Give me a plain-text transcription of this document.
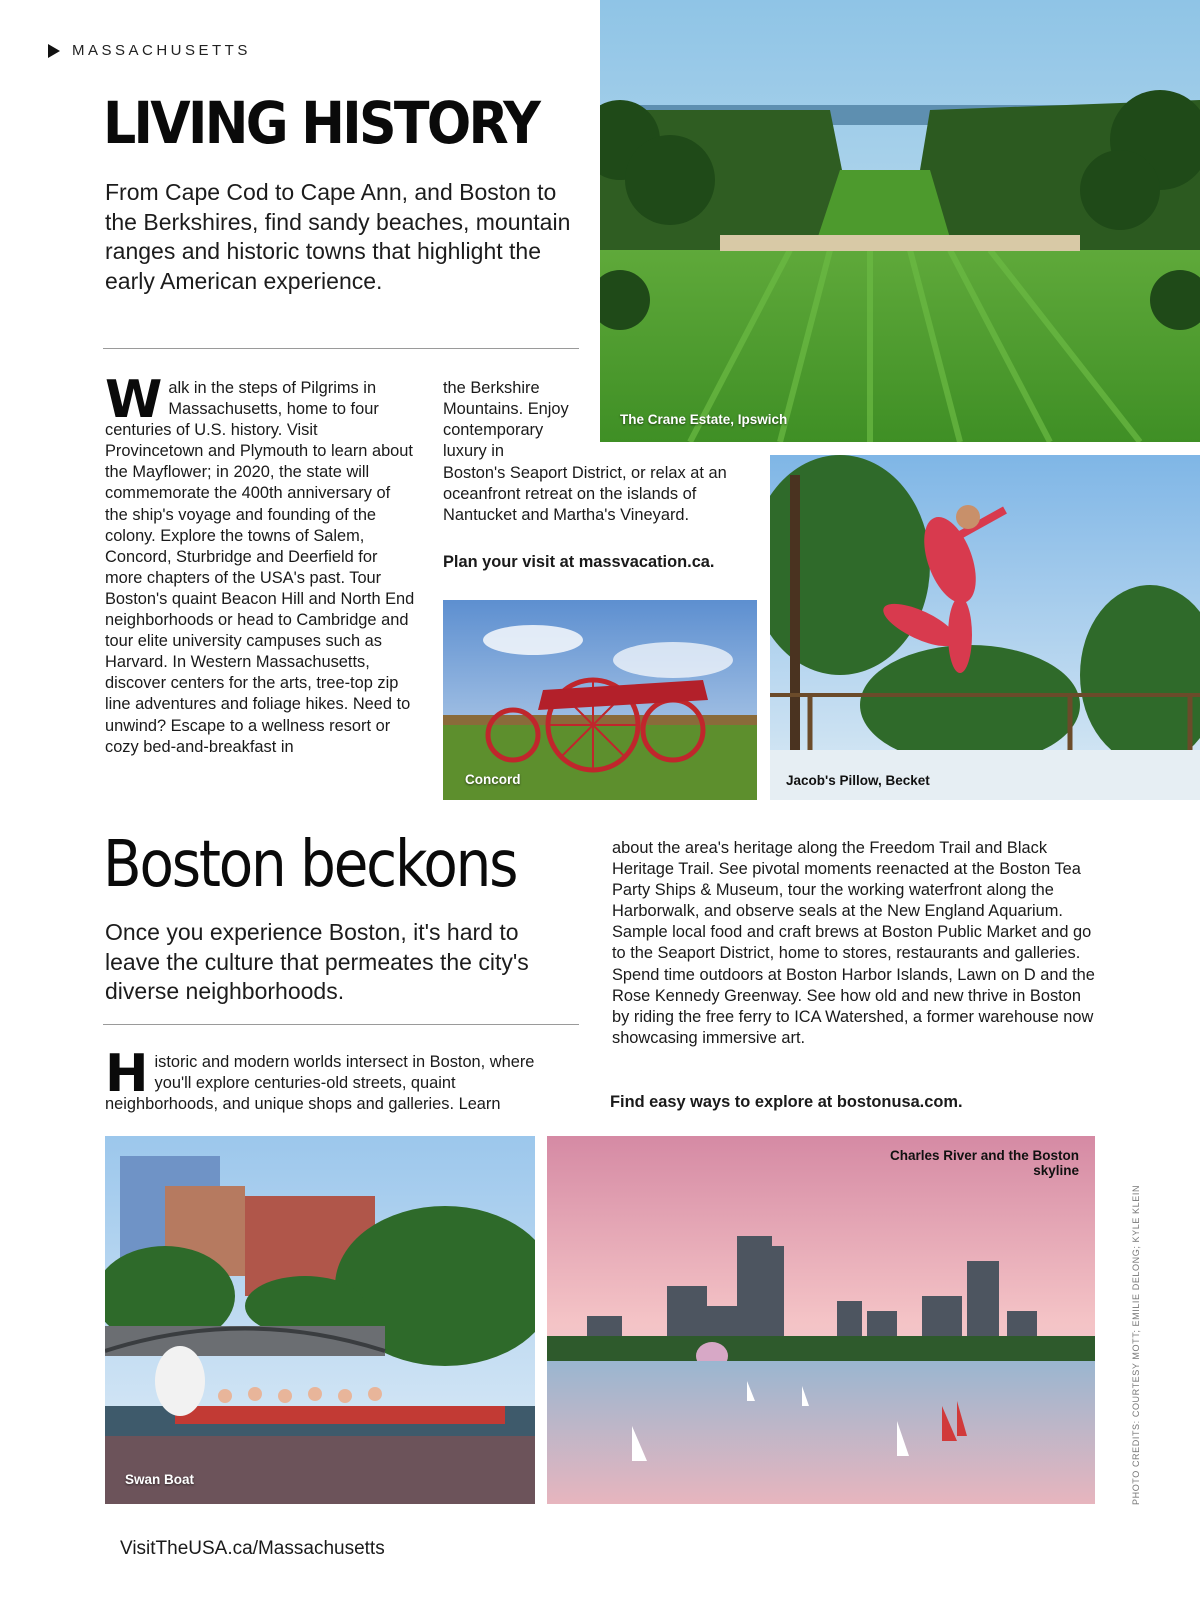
MASSACHUSETTS
LIVING HISTORY
From Cape Cod to Cape Ann, and Boston to the Berkshires, find sandy beaches, mountain ranges and historic towns that highlight the early American experience.
W alk in the steps of Pilgrims in Massachusetts, home to four centuries of U.S. history. Visit Provincetown and Plymouth to learn about the Mayflower; in 2020, the state will commemorate the 400th anniversary of the ship's voyage and founding of the colony. Explore the towns of Salem, Concord, Sturbridge and Deerfield for more chapters of the USA's past. Tour Boston's quaint Beacon Hill and North End neighborhoods or head to Cambridge and tour elite university campuses such as Harvard. In Western Massachusetts, discover centers for the arts, tree-top zip line adventures and foliage hikes. Need to unwind? Escape to a wellness resort or cozy bed-and-breakfast in
the Berkshire Mountains. Enjoy contemporary luxury in
Boston's Seaport District, or relax at an oceanfront retreat on the islands of Nantucket and Martha's Vineyard.
Plan your visit at massvacation.ca.
The Crane Estate, Ipswich
Concord	Jacob's Pillow, Becket
Boston beckons
Once you experience Boston, it's hard to leave the culture that permeates the city's diverse neighborhoods.
H istoric and modern worlds intersect in Boston, where you'll explore centuries-old streets, quaint neighborhoods, and unique shops and galleries. Learn
about the area's heritage along the Freedom Trail and Black Heritage Trail. See pivotal moments reenacted at the Boston Tea Party Ships & Museum, tour the working waterfront along the Harborwalk, and observe seals at the New England Aquarium. Sample local food and craft brews at Boston Public Market and go to the Seaport District, home to stores, restaurants and galleries. Spend time outdoors at Boston Harbor Islands, Lawn on D and the Rose Kennedy Greenway. See how old and new thrive in Boston by riding the free ferry to ICA Watershed, a former warehouse now showcasing immersive art.
Find easy ways to explore at bostonusa.com.
Swan Boat
Charles River and the Boston skyline
PHOTO CREDITS: COURTESY MOTT; EMILIE DELONG; KYLE KLEIN
VisitTheUSA.ca/Massachusetts
